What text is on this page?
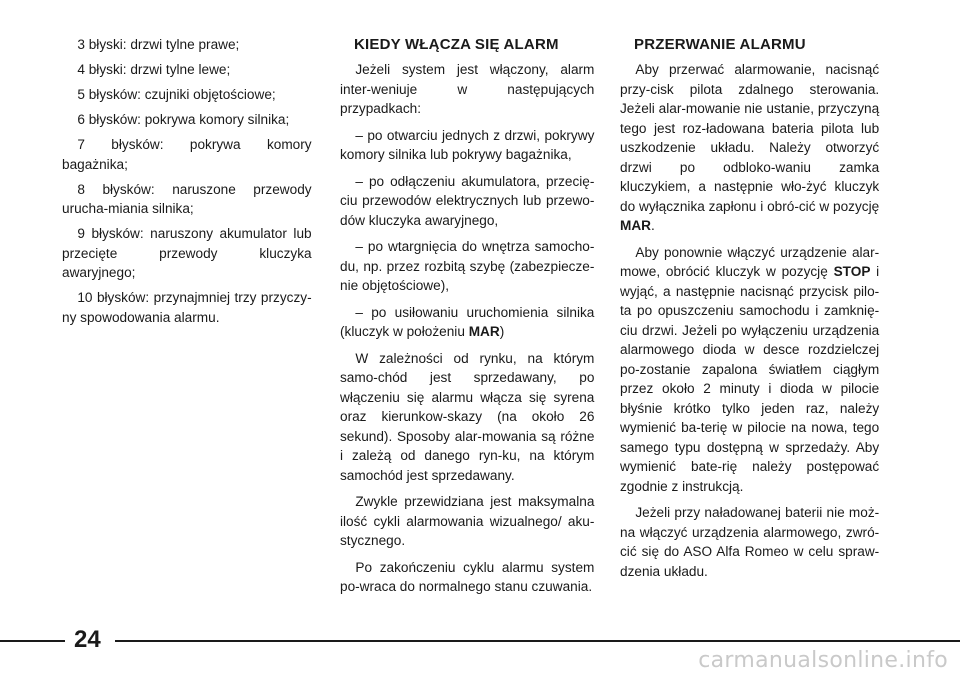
3 błyski: drzwi tylne prawe;

4 błyski: drzwi tylne lewe;

5 błysków: czujniki objętościowe;

6 błysków: pokrywa komory silnika;

7 błysków: pokrywa komory bagażnika;

8 błysków: naruszone przewody urucha-miania silnika;

9 błysków: naruszony akumulator lub przecięte przewody kluczyka awaryjnego;

10 błysków: przynajmniej trzy przyczy-ny spowodowania alarmu.

KIEDY WŁĄCZA SIĘ ALARM

Jeżeli system jest włączony, alarm inter-weniuje w następujących przypadkach:

– po otwarciu jednych z drzwi, pokrywy komory silnika lub pokrywy bagażnika,

– po odłączeniu akumulatora, przecię-ciu przewodów elektrycznych lub przewo-dów kluczyka awaryjnego,

– po wtargnięcia do wnętrza samocho-du, np. przez rozbitą szybę (zabezpiecze-nie objętościowe),

– po usiłowaniu uruchomienia silnika (kluczyk w położeniu MAR)

W zależności od rynku, na którym samo-chód jest sprzedawany, po włączeniu się alarmu włącza się syrena oraz kierunkow-skazy (na około 26 sekund). Sposoby alar-mowania są różne i zależą od danego ryn-ku, na którym samochód jest sprzedawany.

Zwykle przewidziana jest maksymalna ilość cykli alarmowania wizualnego/ aku-stycznego.

Po zakończeniu cyklu alarmu system po-wraca do normalnego stanu czuwania.

PRZERWANIE ALARMU

Aby przerwać alarmowanie, nacisnąć przy-cisk pilota zdalnego sterowania. Jeżeli alar-mowanie nie ustanie, przyczyną tego jest roz-ładowana bateria pilota lub uszkodzenie układu. Należy otworzyć drzwi po odbloko-waniu zamka kluczykiem, a następnie wło-żyć kluczyk do wyłącznika zapłonu i obró-cić w pozycję MAR.

Aby ponownie włączyć urządzenie alar-mowe, obrócić kluczyk w pozycję STOP i wyjąć, a następnie nacisnąć przycisk pilo-ta po opuszczeniu samochodu i zamknię-ciu drzwi. Jeżeli po wyłączeniu urządzenia alarmowego dioda w desce rozdzielczej po-zostanie zapalona światłem ciągłym przez około 2 minuty i dioda w pilocie błyśnie krótko tylko jeden raz, należy wymienić ba-terię w pilocie na nowa, tego samego typu dostępną w sprzedaży. Aby wymienić bate-rię należy postępować zgodnie z instrukcją.

Jeżeli przy naładowanej baterii nie moż-na włączyć urządzenia alarmowego, zwró-cić się do ASO Alfa Romeo w celu spraw-dzenia układu.

24
carmanualsonline.info
